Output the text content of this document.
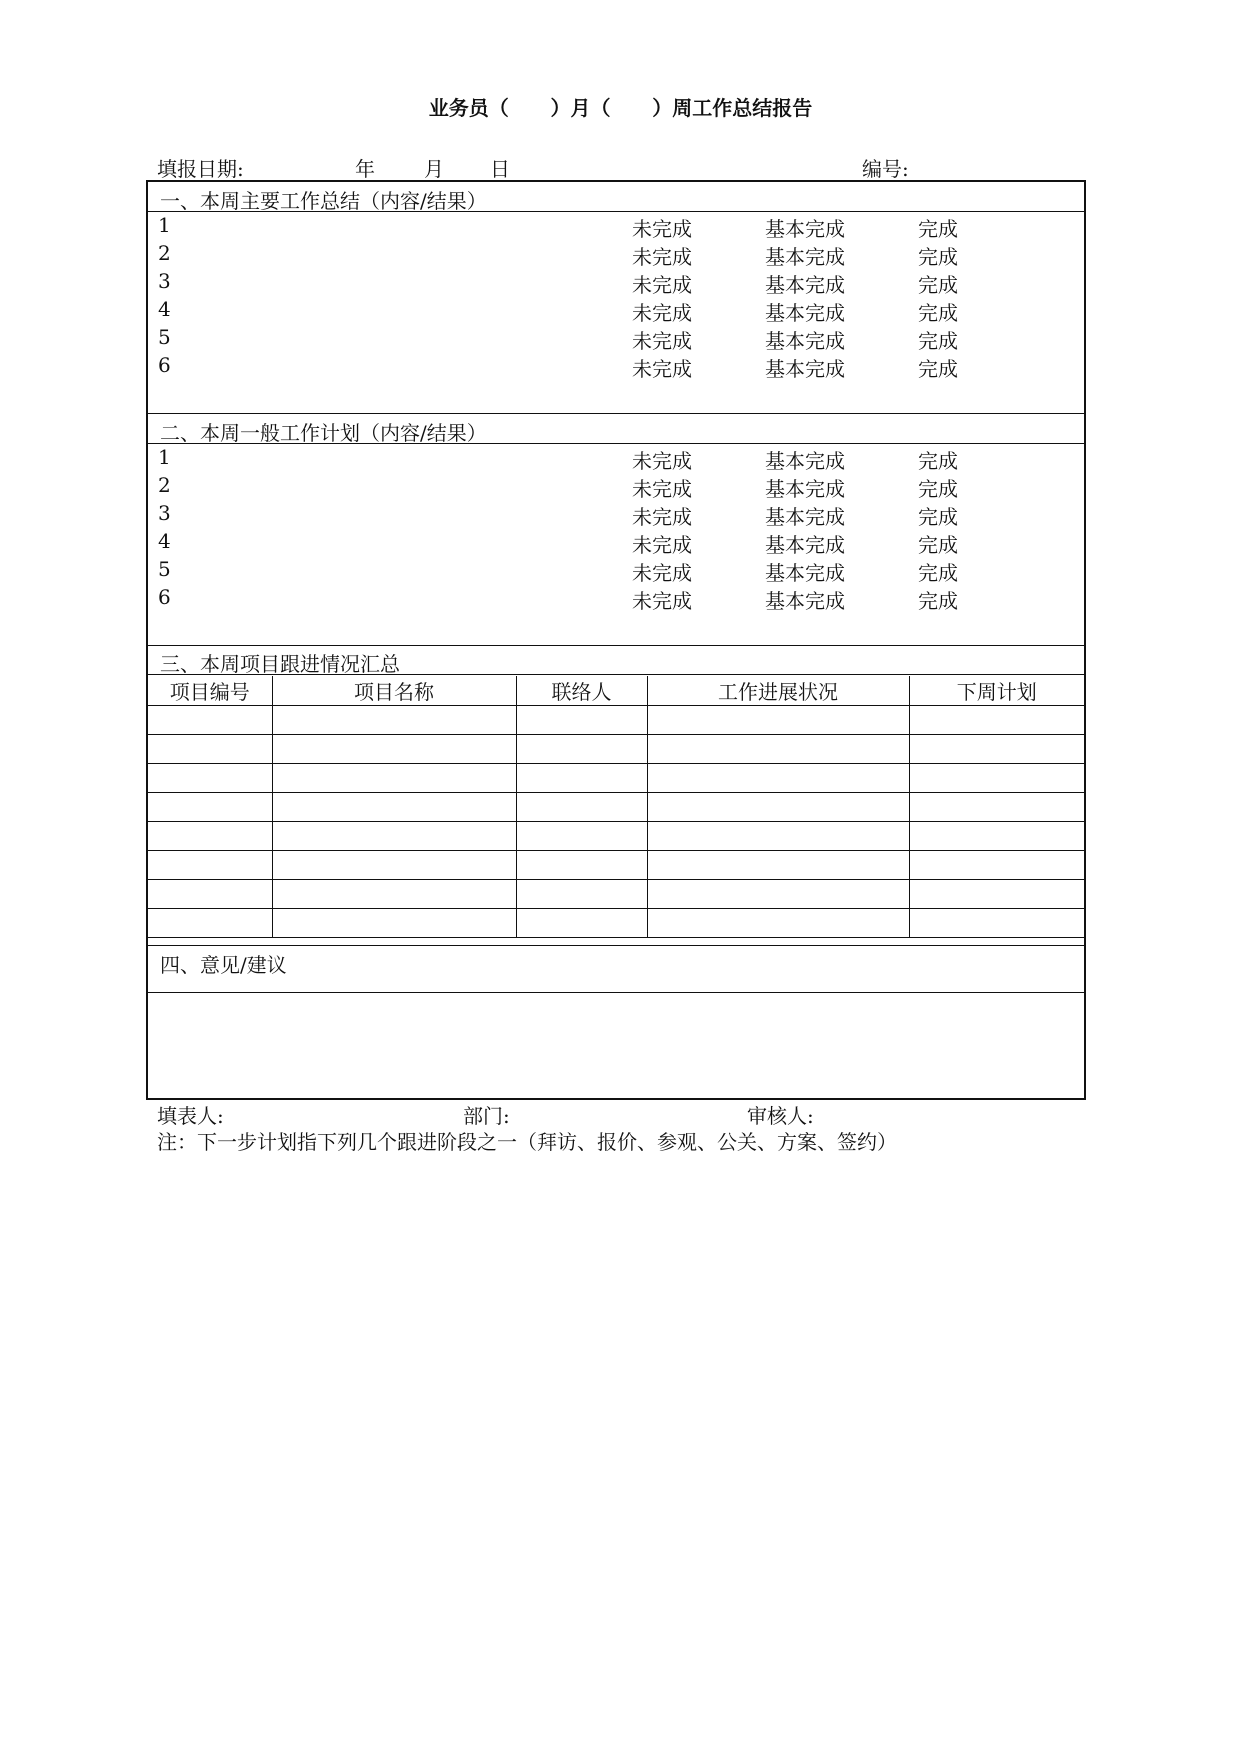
业务员（      ）月（      ）周工作总结报告
填报日期:	年 月 日	编号:
一、本周主要工作总结（内容/结果）
1	未完成	基本完成	完成
2	未完成	基本完成	完成
3	未完成	基本完成	完成
4	未完成	基本完成	完成
5	未完成	基本完成	完成
6	未完成	基本完成	完成
二、本周一般工作计划（内容/结果）
1	未完成	基本完成	完成
2	未完成	基本完成	完成
3	未完成	基本完成	完成
4	未完成	基本完成	完成
5	未完成	基本完成	完成
6	未完成	基本完成	完成
三、本周项目跟进情况汇总
项目编号	项目名称	联络人	工作进展状况	下周计划

四、意见/建议
填表人:	部门:	审核人:
注：下一步计划指下列几个跟进阶段之一（拜访、报价、参观、公关、方案、签约）
